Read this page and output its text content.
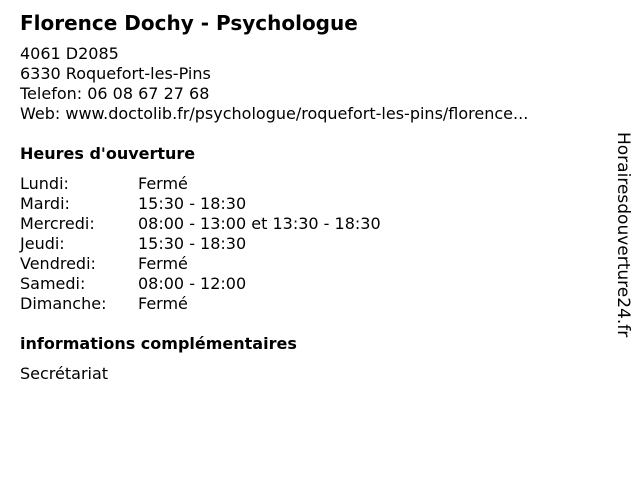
Florence Dochy - Psychologue
4061 D2085
6330 Roquefort-les-Pins
Telefon: 06 08 67 27 68
Web: www.doctolib.fr/psychologue/roquefort-les-pins/florence...
Heures d'ouverture
Lundi:	Fermé
Mardi:	15:30 - 18:30
Mercredi:	08:00 - 13:00 et 13:30 - 18:30
Jeudi:	15:30 - 18:30
Vendredi:	Fermé
Samedi:	08:00 - 12:00
Dimanche: Fermé
informations complémentaires
Secrétariat
Horairesdouverture24.fr
